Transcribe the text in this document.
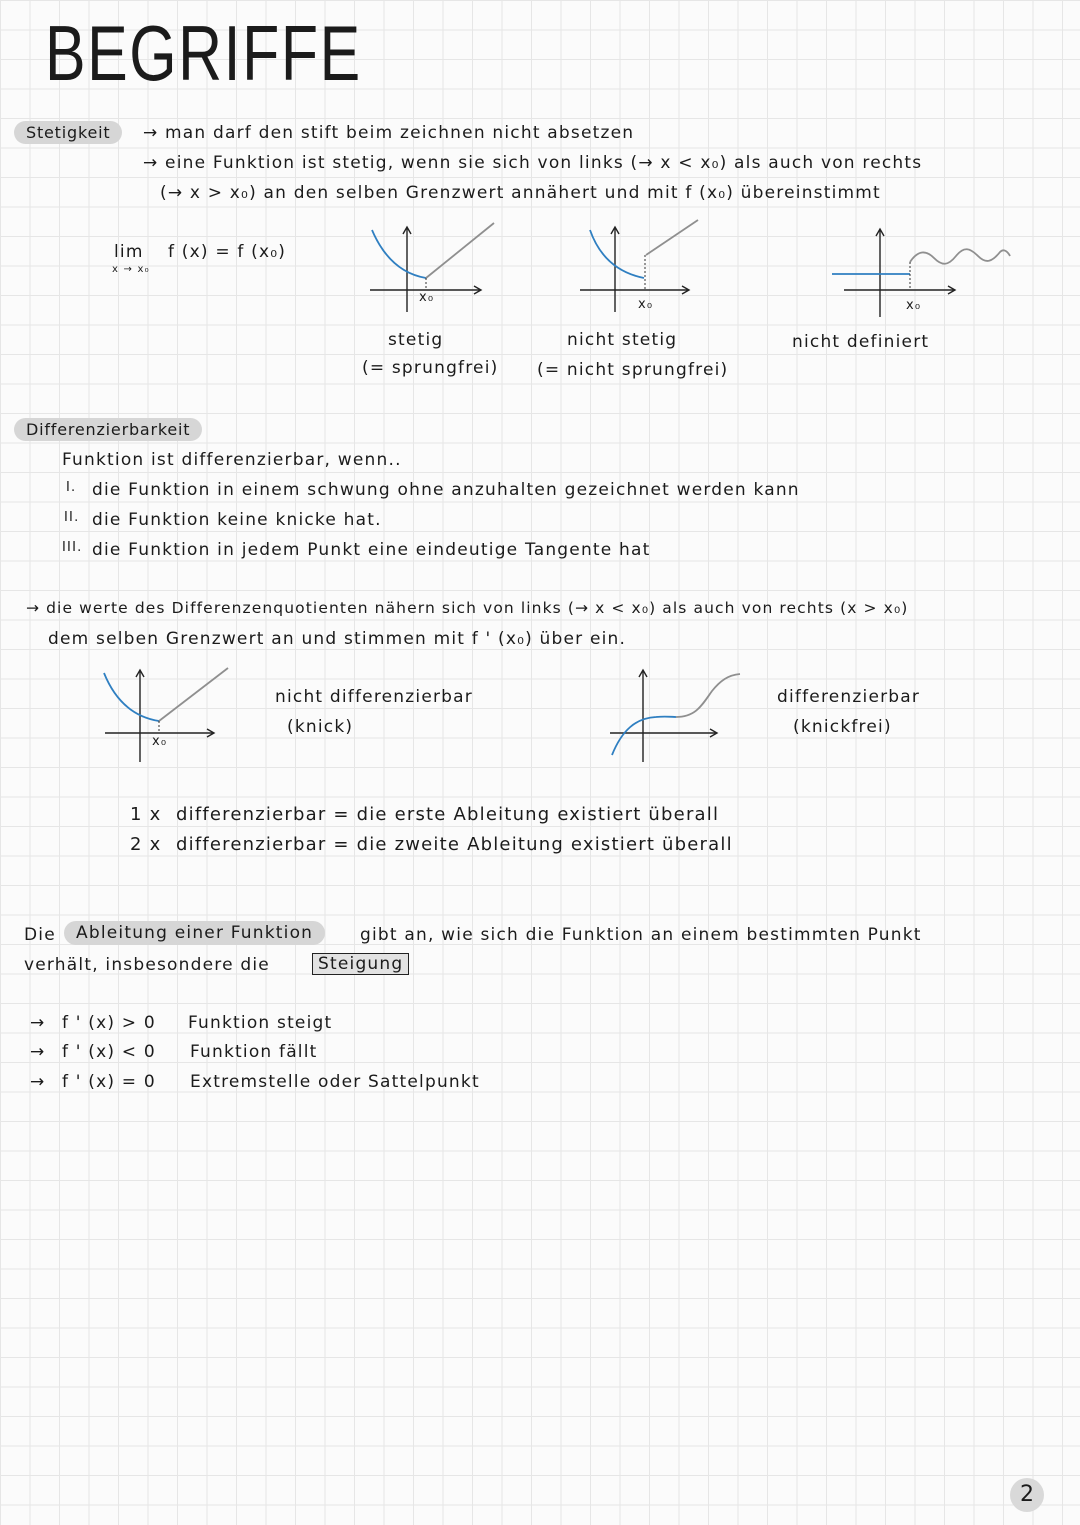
BEGRIFFE
Stetigkeit	→ man darf den stift beim zeichnen nicht absetzen
→ eine Funktion ist stetig, wenn sie sich von links (→ x < x₀) als auch von rechts
(→ x > x₀) an den selben Grenzwert annähert und mit f (x₀) übereinstimmt
lim
x → x₀
f (x) = f (x₀)
x₀
stetig
(= sprungfrei)
x₀
nicht stetig
(= nicht sprungfrei)
x₀
nicht definiert
Differenzierbarkeit
Funktion ist differenzierbar, wenn..
I. die Funktion in einem schwung ohne anzuhalten gezeichnet werden kann
II. die Funktion keine knicke hat.
III. die Funktion in jedem Punkt eine eindeutige Tangente hat
→ die werte des Differenzenquotienten nähern sich von links (→ x < x₀) als auch von rechts (x > x₀)
dem selben Grenzwert an und stimmen mit f ' (x₀) über ein.
x₀
nicht differenzierbar
(knick)
differenzierbar
(knickfrei)
1 x differenzierbar = die erste Ableitung existiert überall
2 x differenzierbar = die zweite Ableitung existiert überall
Die	Ableitung einer Funktion	gibt an, wie sich die Funktion an einem bestimmten Punkt
verhält, insbesondere die	Steigung
→ f ' (x) > 0 Funktion steigt
→ f ' (x) < 0 Funktion fällt
→ f ' (x) = 0 Extremstelle oder Sattelpunkt
2
